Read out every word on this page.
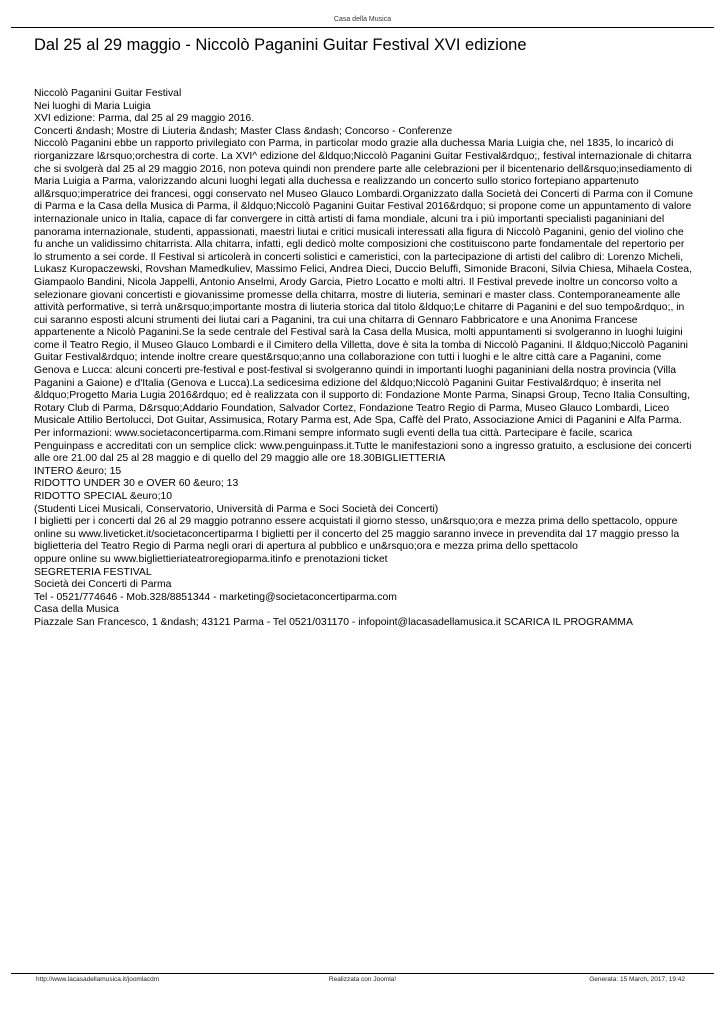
Casa della Musica
Dal 25 al 29 maggio - Niccolò Paganini Guitar Festival XVI edizione

Niccolò Paganini Guitar Festival

Nei luoghi di Maria Luigia

XVI edizione: Parma, dal 25 al 29 maggio 2016.

Concerti &ndash; Mostre di Liuteria &ndash; Master Class &ndash; Concorso - Conferenze

Niccolò Paganini ebbe un rapporto privilegiato con Parma, in particolar modo grazie alla duchessa Maria Luigia che, nel 1835, lo incaricò di riorganizzare l&rsquo;orchestra di corte. La XVI^ edizione del &ldquo;Niccolò Paganini Guitar Festival&rdquo;, festival internazionale di chitarra che si svolgerà dal 25 al 29 maggio 2016, non poteva quindi non prendere parte alle celebrazioni per il bicentenario dell&rsquo;insediamento di Maria Luigia a Parma, valorizzando alcuni luoghi legati alla duchessa e realizzando un concerto sullo storico fortepiano appartenuto all&rsquo;imperatrice dei francesi, oggi conservato nel Museo Glauco Lombardi.Organizzato dalla Società dei Concerti di Parma con il Comune di Parma e la Casa della Musica di Parma, il &ldquo;Niccolò Paganini Guitar Festival 2016&rdquo; si propone come un appuntamento di valore internazionale unico in Italia, capace di far convergere in città artisti di fama mondiale, alcuni tra i più importanti specialisti paganiniani del panorama internazionale, studenti, appassionati, maestri liutai e critici musicali interessati alla figura di Niccolò Paganini, genio del violino che fu anche un validissimo chitarrista. Alla chitarra, infatti, egli dedicò molte composizioni che costituiscono parte fondamentale del repertorio per lo strumento a sei corde. Il Festival si articolerà in concerti solistici e cameristici, con la partecipazione di artisti del calibro di: Lorenzo Micheli, Lukasz Kuropaczewski, Rovshan Mamedkuliev, Massimo Felici, Andrea Dieci, Duccio Beluffi, Simonide Braconi, Silvia Chiesa, Mihaela Costea, Giampaolo Bandini, Nicola Jappelli, Antonio Anselmi, Arody Garcia, Pietro Locatto e molti altri. Il Festival prevede inoltre un concorso volto a selezionare giovani concertisti e giovanissime promesse della chitarra, mostre di liuteria, seminari e master class. Contemporaneamente alle attività performative, si terrà un&rsquo;importante mostra di liuteria storica dal titolo &ldquo;Le chitarre di Paganini e del suo tempo&rdquo;, in cui saranno esposti alcuni strumenti dei liutai cari a Paganini, tra cui una chitarra di Gennaro Fabbricatore e una Anonima Francese appartenente a Nicolò Paganini.Se la sede centrale del Festival sarà la Casa della Musica, molti appuntamenti si svolgeranno in luoghi luigini come il Teatro Regio, il Museo Glauco Lombardi e il Cimitero della Villetta, dove è sita la tomba di Niccolò Paganini. Il &ldquo;Niccolò Paganini Guitar Festival&rdquo; intende inoltre creare quest&rsquo;anno una collaborazione con tutti i luoghi e le altre città care a Paganini, come Genova e Lucca: alcuni concerti pre-festival e post-festival si svolgeranno quindi in importanti luoghi paganiniani della nostra provincia (Villa Paganini a Gaione) e d'Italia (Genova e Lucca).La sedicesima edizione del &ldquo;Niccolò Paganini Guitar Festival&rdquo; è inserita nel &ldquo;Progetto Maria Lugia 2016&rdquo; ed è realizzata con il supporto di: Fondazione Monte Parma, Sinapsi Group, Tecno Italia Consulting, Rotary Club di Parma, D&rsquo;Addario Foundation, Salvador Cortez, Fondazione Teatro Regio di Parma, Museo Glauco Lombardi, Liceo Musicale Attilio Bertolucci, Dot Guitar, Assimusica, Rotary Parma est, Ade Spa, Caffè del Prato, Associazione Amici di Paganini e Alfa Parma. Per informazioni: www.societaconcertiparma.com.Rimani sempre informato sugli eventi della tua città. Partecipare è facile, scarica Penguinpass e accreditati con un semplice click: www.penguinpass.it.Tutte le manifestazioni sono a ingresso gratuito, a esclusione dei concerti alle ore 21.00 dal 25 al 28 maggio e di quello del 29 maggio alle ore 18.30BIGLIETTERIA

INTERO &euro; 15

RIDOTTO UNDER 30 e OVER 60 &euro; 13

RIDOTTO SPECIAL &euro;10

(Studenti Licei Musicali, Conservatorio, Università di Parma e Soci Società dei Concerti)

I biglietti per i concerti dal 26 al 29 maggio potranno essere acquistati il giorno stesso, un&rsquo;ora e mezza prima dello spettacolo, oppure online su www.liveticket.it/societaconcertiparma I biglietti per il concerto del 25 maggio saranno invece in prevendita dal 17 maggio presso la biglietteria del Teatro Regio di Parma negli orari di apertura al pubblico e un&rsquo;ora e mezza prima dello spettacolo

oppure online su www.bigliettieriateatroregioparma.itinfo e prenotazioni ticket

SEGRETERIA FESTIVAL

Società dei Concerti di Parma

Tel - 0521/774646 - Mob.328/8851344 - marketing@societaconcertiparma.com

Casa della Musica

Piazzale San Francesco, 1 &ndash; 43121 Parma - Tel 0521/031170 - infopoint@lacasadellamusica.it SCARICA IL PROGRAMMA

http://www.lacasadellamusica.it/joomlacdm	Realizzata con Joomla!	Generata: 15 March, 2017, 19:42
